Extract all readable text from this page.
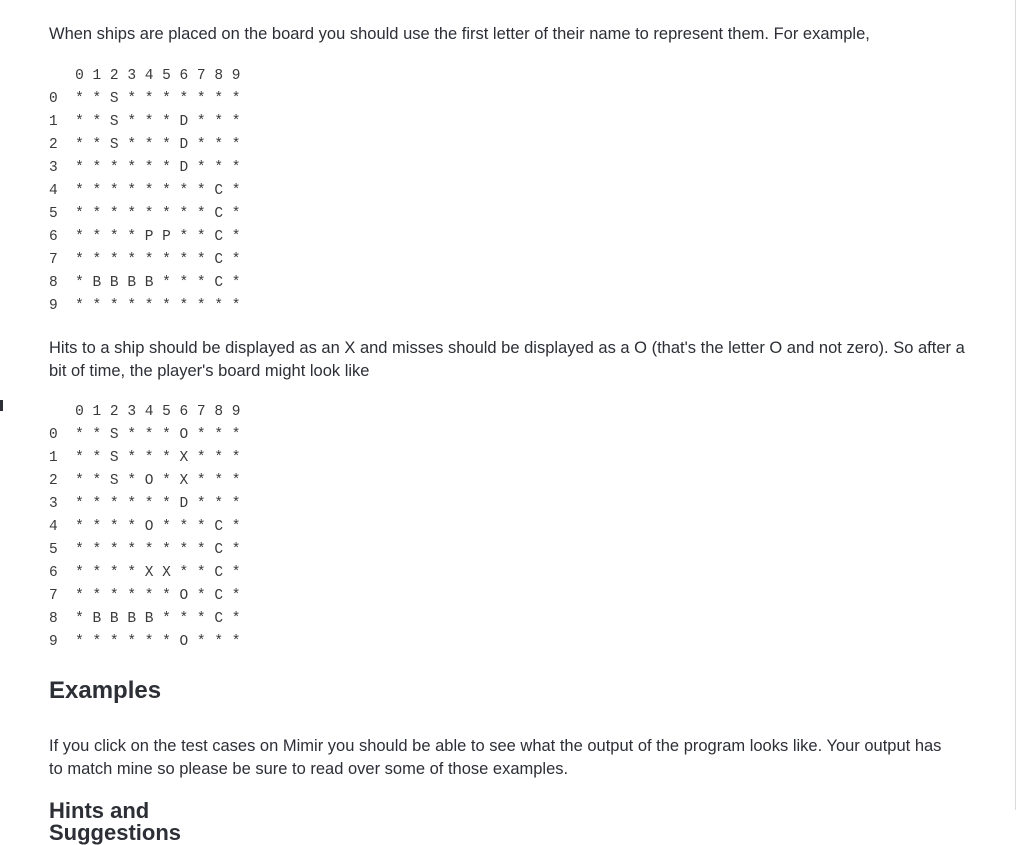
When ships are placed on the board you should use the first letter of their name to represent them. For example,

0 1 2 3 4 5 6 7 8 9
0  * * S * * * * * * *
1  * * S * * * D * * *
2  * * S * * * D * * *
3  * * * * * * D * * *
4  * * * * * * * * C *
5  * * * * * * * * C *
6  * * * * P P * * C *
7  * * * * * * * * C *
8  * B B B B * * * C *
9  * * * * * * * * * *

Hits to a ship should be displayed as an X and misses should be displayed as a O (that's the letter O and not zero). So after a bit of time, the player's board might look like

0 1 2 3 4 5 6 7 8 9
0  * * S * * * O * * *
1  * * S * * * X * * *
2  * * S * O * X * * *
3  * * * * * * D * * *
4  * * * * O * * * C *
5  * * * * * * * * C *
6  * * * * X X * * C *
7  * * * * * * O * C *
8  * B B B B * * * C *
9  * * * * * * O * * *
Examples

If you click on the test cases on Mimir you should be able to see what the output of the program looks like. Your output has to match mine so please be sure to read over some of those examples.

Hints and Suggestions
